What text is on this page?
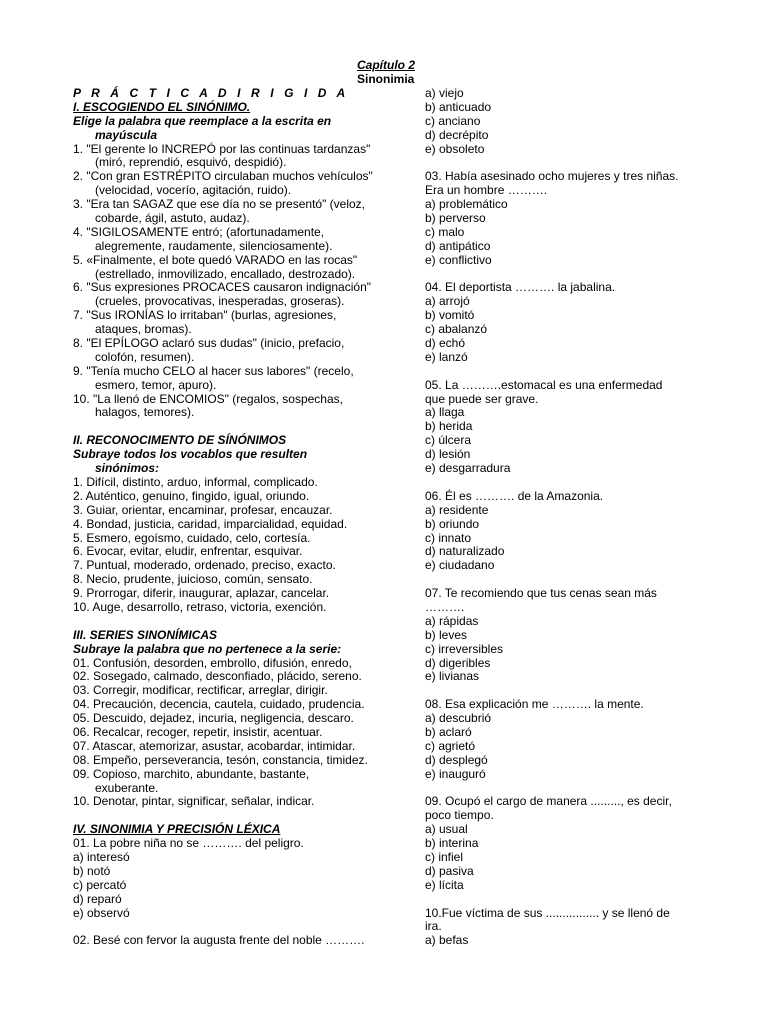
Capítulo 2
Sinonimia
P R Á C T I C A D I R I G I D A
I. ESCOGIENDO EL SINÓNIMO.
Elige la palabra que reemplace a la escrita en
mayúscula
1. "El gerente lo INCREPÓ por las continuas tardanzas"
(miró, reprendió, esquivó, despidió).
2. "Con gran ESTRÉPITO circulaban muchos vehículos"
(velocidad, vocerío, agitación, ruido).
3. "Era tan SAGAZ que ese día no se presentó" (veloz,
cobarde, ágil, astuto, audaz).
4. "SIGILOSAMENTE entró; (afortunadamente,
alegremente, raudamente, silenciosamente).
5. «Finalmente, el bote quedó VARADO en las rocas"
(estrellado, inmovilizado, encallado, destrozado).
6. "Sus expresiones PROCACES causaron indignación"
(crueles, provocativas, inesperadas, groseras).
7. "Sus IRONÍAS lo irritaban" (burlas, agresiones,
ataques, bromas).
8. "El EPÍLOGO aclaró sus dudas" (inicio, prefacio,
colofón, resumen).
9. "Tenía mucho CELO al hacer sus labores" (recelo,
esmero, temor, apuro).
10. "La llenó de ENCOMIOS" (regalos, sospechas,
halagos, temores).
II. RECONOCIMENTO DE SÍNÓNIMOS
Subraye todos los vocablos que resulten
sinónimos:
1. Difícil, distinto, arduo, informal, complicado.
2. Auténtico, genuino, fingido, igual, oriundo.
3. Guiar, orientar, encaminar, profesar, encauzar.
4. Bondad, justicia, caridad, imparcialidad, equidad.
5. Esmero, egoísmo, cuidado, celo, cortesía.
6. Evocar, evitar, eludir, enfrentar, esquivar.
7. Puntual, moderado, ordenado, preciso, exacto.
8. Necio, prudente, juicioso, común, sensato.
9. Prorrogar, diferir, inaugurar, aplazar, cancelar.
10. Auge, desarrollo, retraso, victoria, exención.
III. SERIES SINONÍMICAS
Subraye la palabra que no pertenece a la serie:
01. Confusión, desorden, embrollo, difusión, enredo,
02. Sosegado, calmado, desconfiado, plácido, sereno.
03. Corregir, modificar, rectificar, arreglar, dirigir.
04. Precaución, decencia, cautela, cuidado, prudencia.
05. Descuido, dejadez, incuria, negligencia, descaro.
06. Recalcar, recoger, repetir, insistir, acentuar.
07. Atascar, atemorizar, asustar, acobardar, intimidar.
08. Empeño, perseverancia, tesón, constancia, timidez.
09. Copioso, marchito, abundante, bastante,
exuberante.
10. Denotar, pintar, significar, señalar, indicar.
IV. SINONIMIA Y PRECISIÓN LÉXICA
01. La pobre niña no se ………. del peligro.
a) interesó
b) notó
c) percató
d) reparó
e) observó
02. Besé con fervor la augusta frente del noble ……….
a) viejo
b) anticuado
c) anciano
d) decrépito
e) obsoleto
03. Había asesinado ocho mujeres y tres niñas.
Era un hombre ……….
a) problemático
b) perverso
c) malo
d) antipático
e) conflictivo
04. El deportista ………. la jabalina.
a) arrojó
b) vomitó
c) abalanzó
d) echó
e) lanzó
05. La ……….estomacal es una enfermedad
que puede ser grave.
a) llaga
b) herida
c) úlcera
d) lesión
e) desgarradura
06. Él es ………. de la Amazonia.
a) residente
b) oriundo
c) innato
d) naturalizado
e) ciudadano
07. Te recomiendo que tus cenas sean más
……….
a) rápidas
b) leves
c) irreversibles
d) digeribles
e) livianas
08. Esa explicación me ………. la mente.
a) descubrió
b) aclaró
c) agrietó
d) desplegó
e) inauguró
09. Ocupó el cargo de manera ........., es decir,
poco tiempo.
a) usual
b) interina
c) infiel
d) pasiva
e) lícita
10.Fue víctima de sus ................ y se llenó de
ira.
a) befas
